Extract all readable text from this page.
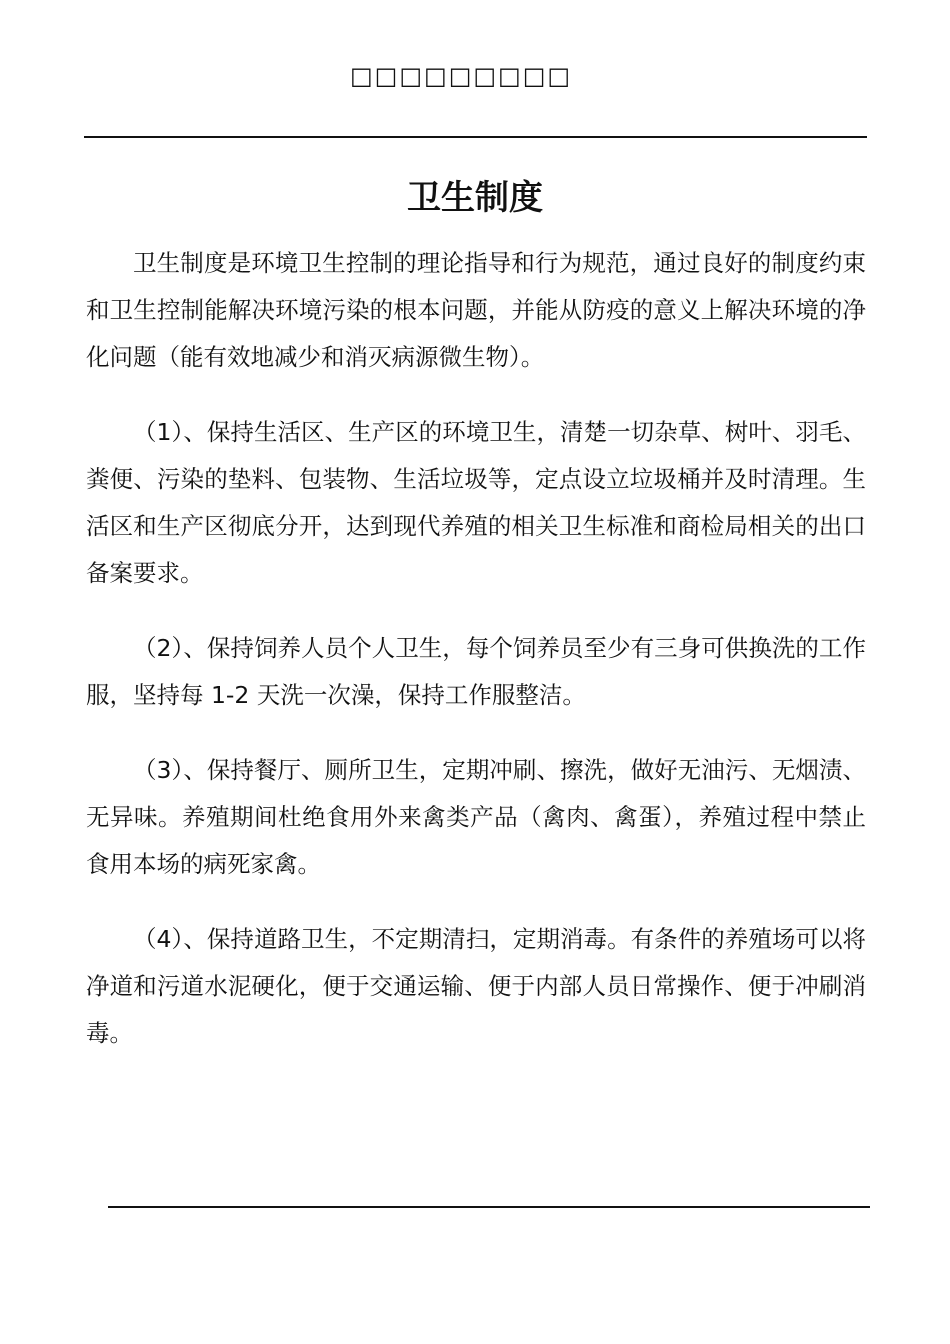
□□□□□□□□□
卫生制度

卫生制度是环境卫生控制的理论指导和行为规范，通过良好的制度约束和卫生控制能解决环境污染的根本问题，并能从防疫的意义上解决环境的净化问题（能有效地减少和消灭病源微生物）。

（1）、保持生活区、生产区的环境卫生，清楚一切杂草、树叶、羽毛、粪便、污染的垫料、包装物、生活垃圾等，定点设立垃圾桶并及时清理。生活区和生产区彻底分开，达到现代养殖的相关卫生标准和商检局相关的出口备案要求。

（2）、保持饲养人员个人卫生，每个饲养员至少有三身可供换洗的工作服，坚持每 1-2 天洗一次澡，保持工作服整洁。

（3）、保持餐厅、厕所卫生，定期冲刷、擦洗，做好无油污、无烟渍、无异味。养殖期间杜绝食用外来禽类产品（禽肉、禽蛋），养殖过程中禁止食用本场的病死家禽。

（4）、保持道路卫生，不定期清扫，定期消毒。有条件的养殖场可以将净道和污道水泥硬化，便于交通运输、便于内部人员日常操作、便于冲刷消毒。
